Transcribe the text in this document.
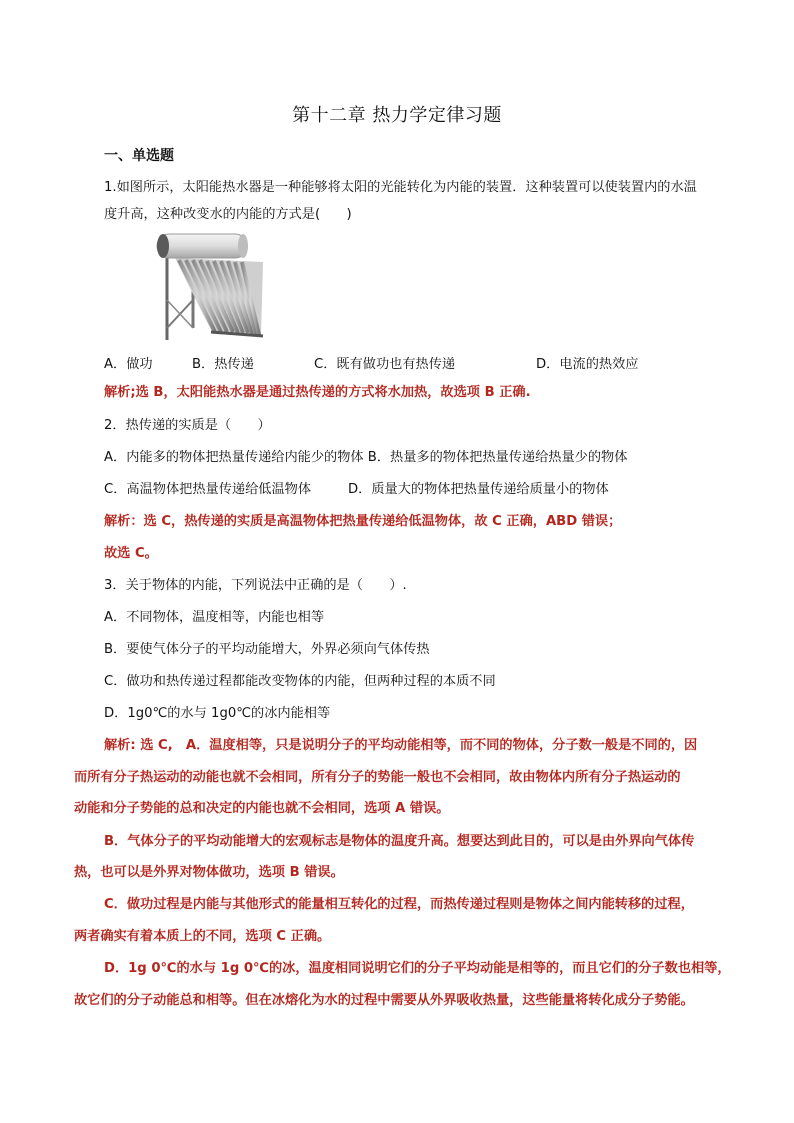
第十二章 热力学定律习题
一、单选题
1.如图所示，太阳能热水器是一种能够将太阳的光能转化为内能的装置．这种装置可以使装置内的水温
度升高，这种改变水的内能的方式是(　　)
A．做功	B．热传递	C．既有做功也有热传递	D．电流的热效应
解析;选 B，太阳能热水器是通过热传递的方式将水加热，故选项 B 正确.
2．热传递的实质是（　　）
A．内能多的物体把热量传递给内能少的物体 B．热量多的物体把热量传递给热量少的物体
C．高温物体把热量传递给低温物体	D．质量大的物体把热量传递给质量小的物体
解析：选 C，热传递的实质是高温物体把热量传递给低温物体，故 C 正确，ABD 错误；
故选 C。
3．关于物体的内能，下列说法中正确的是（　　）.
A．不同物体，温度相等，内能也相等
B．要使气体分子的平均动能增大，外界必须向气体传热
C．做功和热传递过程都能改变物体的内能，但两种过程的本质不同
D．1g0℃的水与 1g0℃的冰内能相等
解析: 选 C,　A．温度相等，只是说明分子的平均动能相等，而不同的物体，分子数一般是不同的，因
而所有分子热运动的动能也就不会相同，所有分子的势能一般也不会相同，故由物体内所有分子热运动的
动能和分子势能的总和决定的内能也就不会相同，选项 A 错误。
B．气体分子的平均动能增大的宏观标志是物体的温度升高。想要达到此目的，可以是由外界向气体传
热，也可以是外界对物体做功，选项 B 错误。
C．做功过程是内能与其他形式的能量相互转化的过程，而热传递过程则是物体之间内能转移的过程，
两者确实有着本质上的不同，选项 C 正确。
D．1g 0℃的水与 1g 0℃的冰，温度相同说明它们的分子平均动能是相等的，而且它们的分子数也相等，
故它们的分子动能总和相等。但在冰熔化为水的过程中需要从外界吸收热量，这些能量将转化成分子势能。
